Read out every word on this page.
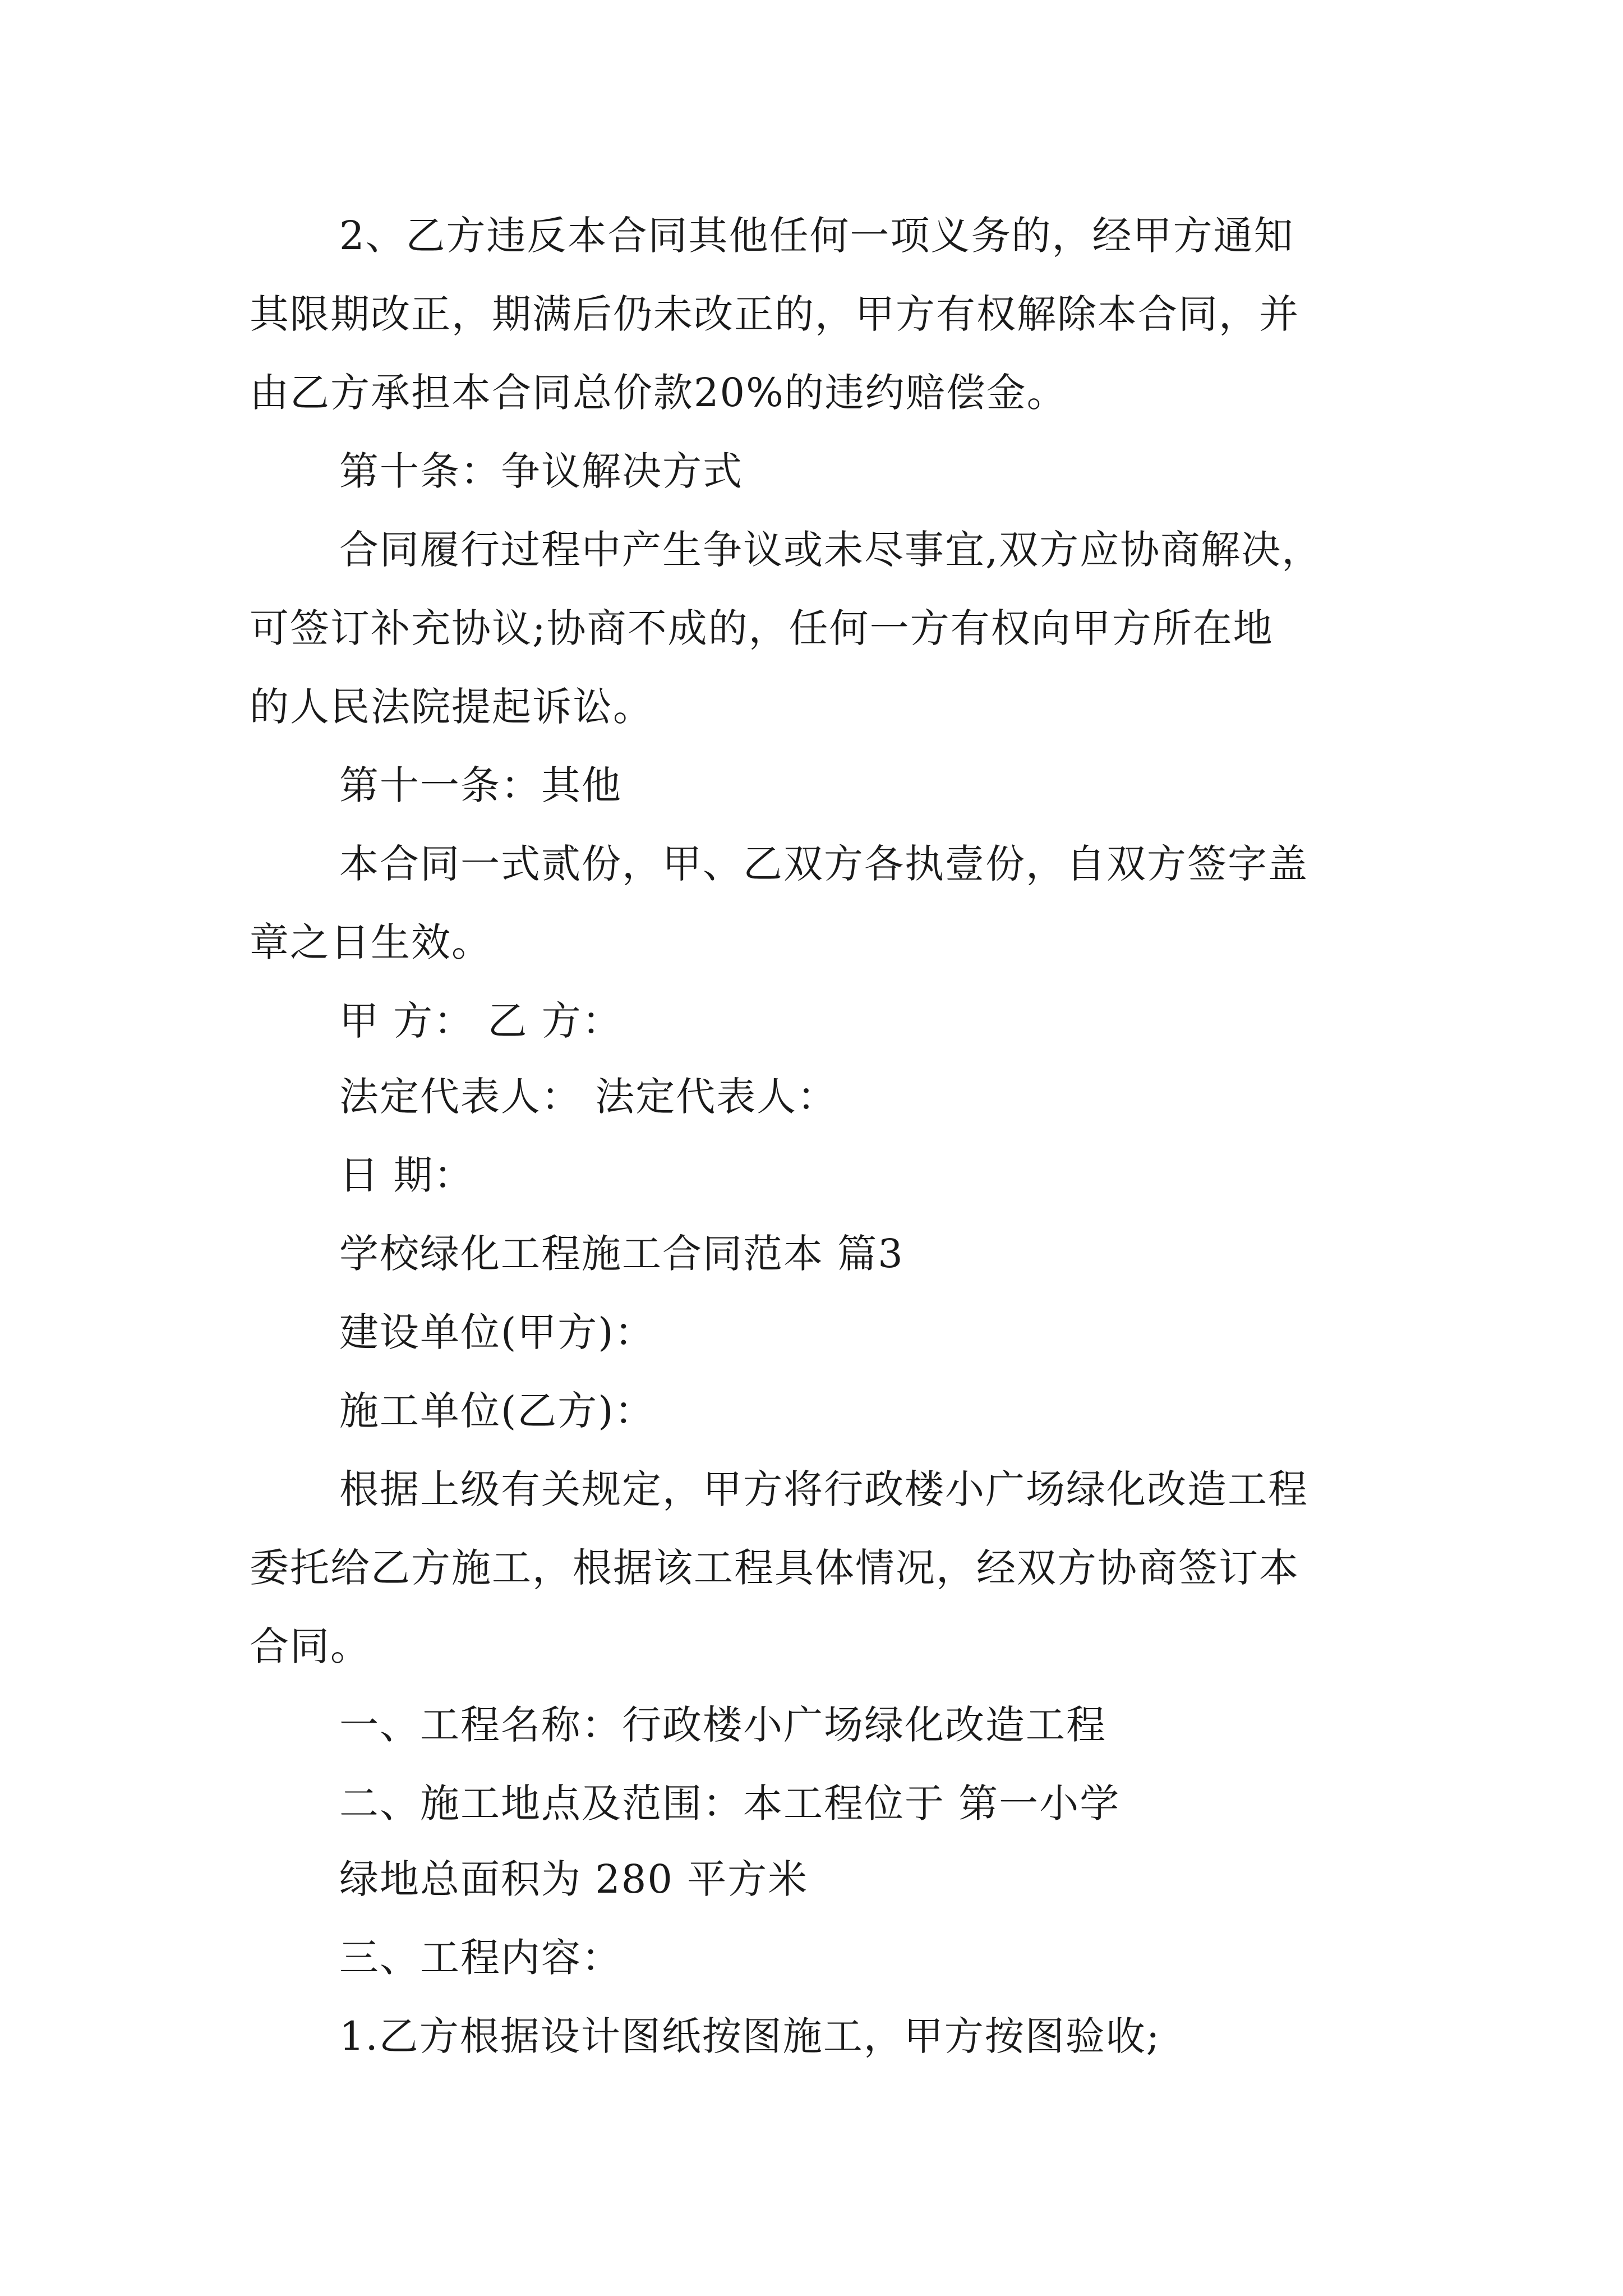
2、乙方违反本合同其他任何一项义务的，经甲方通知
其限期改正，期满后仍未改正的，甲方有权解除本合同，并
由乙方承担本合同总价款20%的违约赔偿金。
第十条：争议解决方式
合同履行过程中产生争议或未尽事宜,双方应协商解决，
可签订补充协议;协商不成的，任何一方有权向甲方所在地
的人民法院提起诉讼。
第十一条：其他
本合同一式贰份，甲、乙双方各执壹份，自双方签字盖
章之日生效。
甲 方： 乙 方：
法定代表人： 法定代表人：
日 期：
学校绿化工程施工合同范本 篇3
建设单位(甲方)：
施工单位(乙方)：
根据上级有关规定，甲方将行政楼小广场绿化改造工程
委托给乙方施工，根据该工程具体情况，经双方协商签订本
合同。
一、工程名称：行政楼小广场绿化改造工程
二、施工地点及范围：本工程位于 第一小学
绿地总面积为 280 平方米
三、工程内容：
1.乙方根据设计图纸按图施工，甲方按图验收;
